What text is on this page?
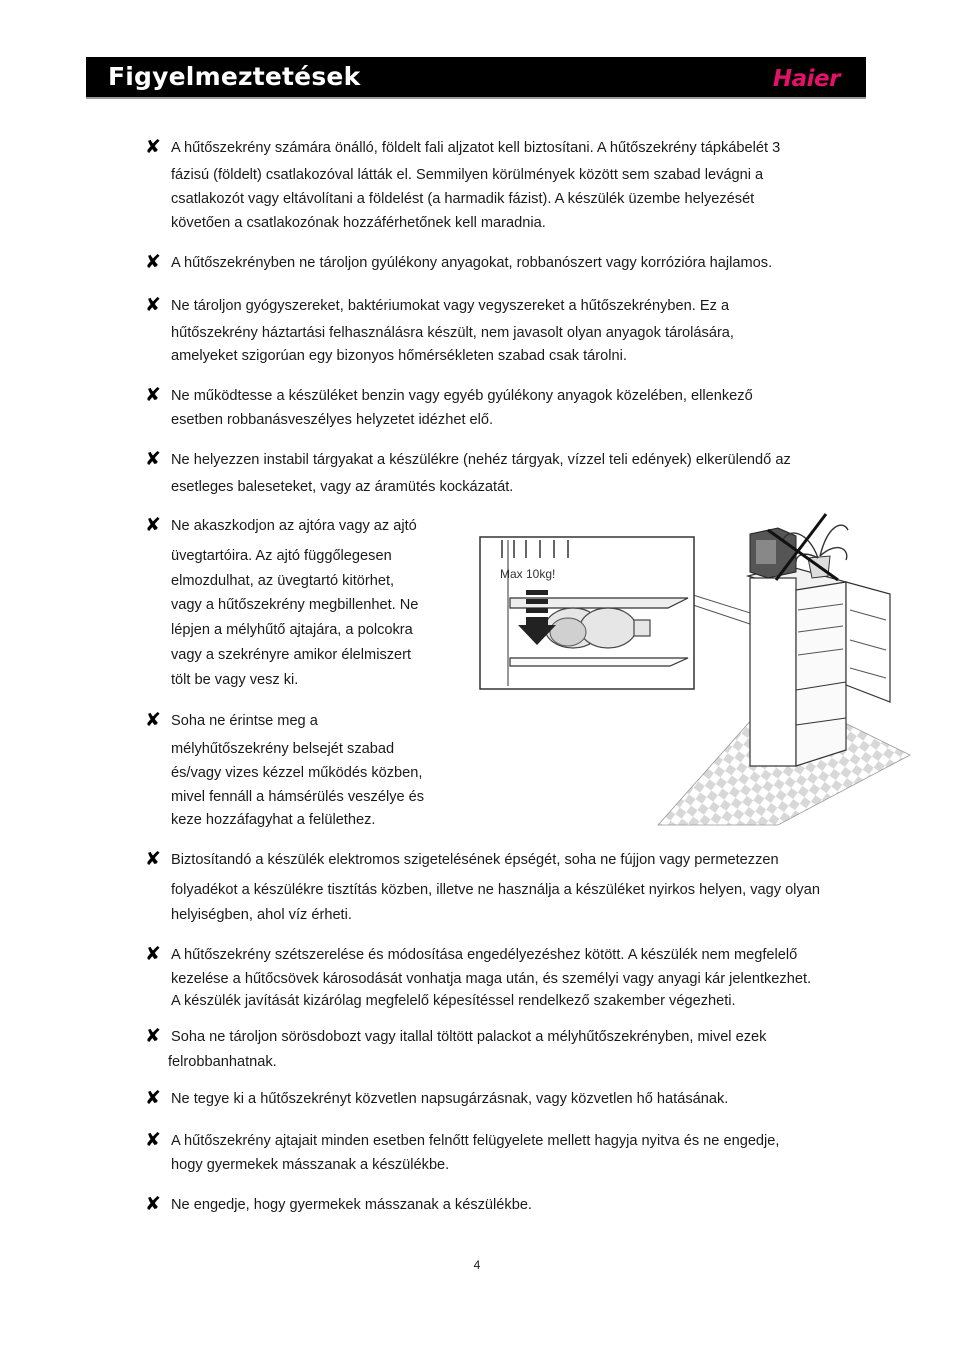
Figyelmeztetések	Haier
✘ A hűtőszekrény számára önálló, földelt fali aljzatot kell biztosítani. A hűtőszekrény tápkábelét 3
fázisú (földelt) csatlakozóval látták el. Semmilyen körülmények között sem szabad levágni a
csatlakozót vagy eltávolítani a földelést (a harmadik fázist). A készülék üzembe helyezését
követően a csatlakozónak hozzáférhetőnek kell maradnia.
✘ A hűtőszekrényben ne tároljon gyúlékony anyagokat, robbanószert vagy korrózióra hajlamos.
✘ Ne tároljon gyógyszereket, baktériumokat vagy vegyszereket a hűtőszekrényben. Ez a
hűtőszekrény háztartási felhasználásra készült, nem javasolt olyan anyagok tárolására,
amelyeket szigorúan egy bizonyos hőmérsékleten szabad csak tárolni.
✘ Ne működtesse a készüléket benzin vagy egyéb gyúlékony anyagok közelében, ellenkező
esetben robbanásveszélyes helyzetet idézhet elő.
✘ Ne helyezzen instabil tárgyakat a készülékre (nehéz tárgyak, vízzel teli edények) elkerülendő az
esetleges baleseteket, vagy az áramütés kockázatát.
✘ Ne akaszkodjon az ajtóra vagy az ajtó
üvegtartóira. Az ajtó függőlegesen
elmozdulhat, az üvegtartó kitörhet,
vagy a hűtőszekrény megbillenhet. Ne
lépjen a mélyhűtő ajtajára, a polcokra
vagy a szekrényre amikor élelmiszert
tölt be vagy vesz ki.
✘ Soha ne érintse meg a
mélyhűtőszekrény belsejét szabad
és/vagy vizes kézzel működés közben,
mivel fennáll a hámsérülés veszélye és
keze hozzáfagyhat a felülethez.
✘ Biztosítandó a készülék elektromos szigetelésének épségét, soha ne fújjon vagy permetezzen
folyadékot a készülékre tisztítás közben, illetve ne használja a készüléket nyirkos helyen, vagy olyan
helyiségben, ahol víz érheti.
✘ A hűtőszekrény szétszerelése és módosítása engedélyezéshez kötött. A készülék nem megfelelő
kezelése a hűtőcsövek károsodását vonhatja maga után, és személyi vagy anyagi kár jelentkezhet.
A készülék javítását kizárólag megfelelő képesítéssel rendelkező szakember végezheti.
✘ Soha ne tároljon sörösdobozt vagy itallal töltött palackot a mélyhűtőszekrényben, mivel ezek
felrobbanhatnak.
✘ Ne tegye ki a hűtőszekrényt közvetlen napsugárzásnak, vagy közvetlen hő hatásának.
✘ A hűtőszekrény ajtajait minden esetben felnőtt felügyelete mellett hagyja nyitva és ne engedje,
hogy gyermekek másszanak a készülékbe.
✘ Ne engedje, hogy gyermekek másszanak a készülékbe.
Max 10kg!
4
